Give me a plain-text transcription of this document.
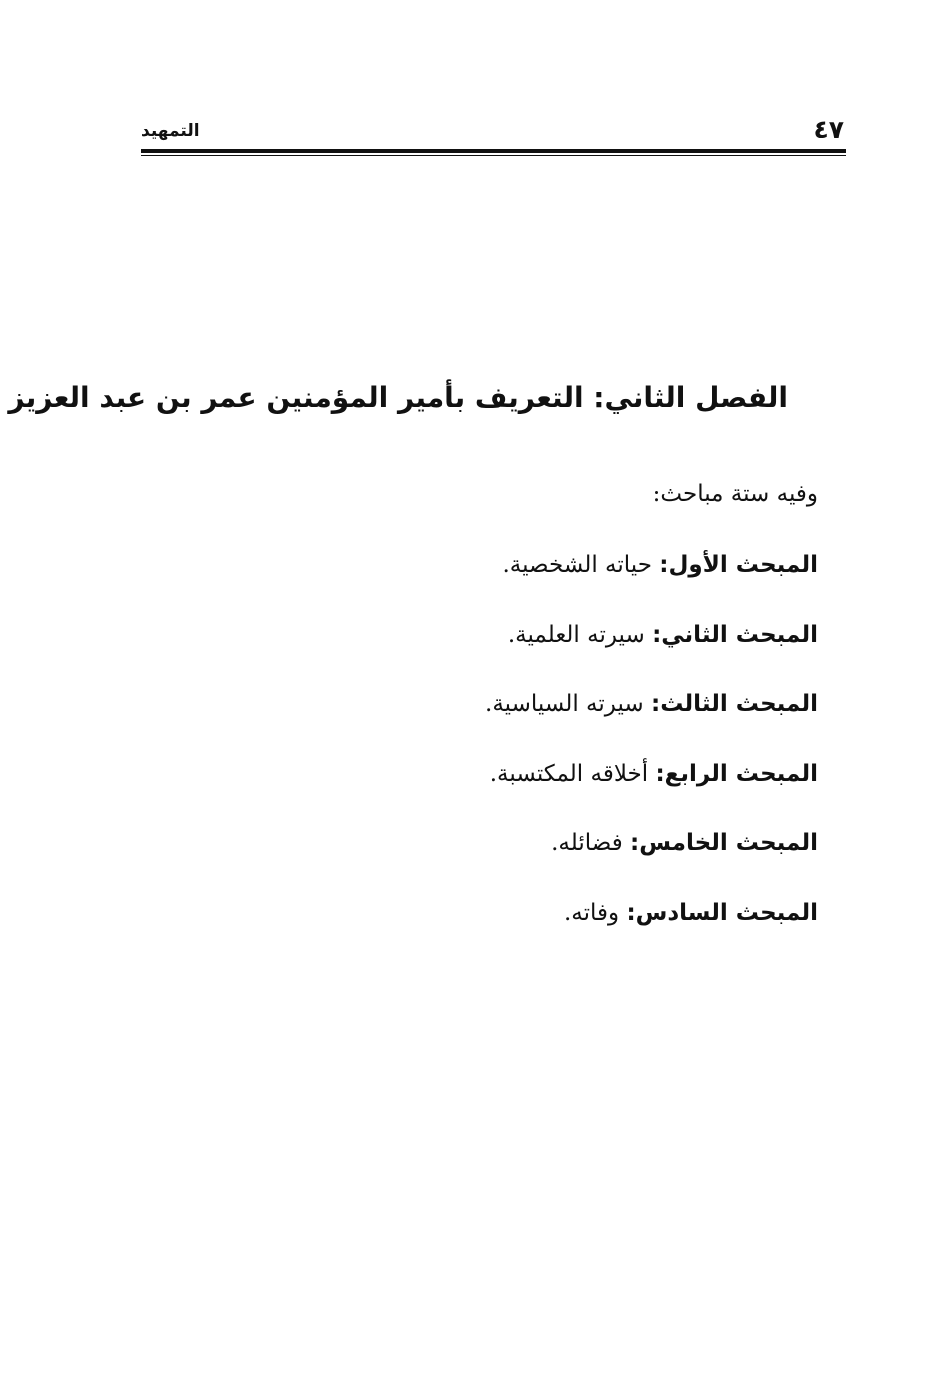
٤٧
التمهيد
الفصل الثاني: التعريف بأمير المؤمنين عمر بن عبد العزيز
وفيه ستة مباحث:
المبحث الأول: حياته الشخصية.
المبحث الثاني: سيرته العلمية.
المبحث الثالث: سيرته السياسية.
المبحث الرابع: أخلاقه المكتسبة.
المبحث الخامس: فضائله.
المبحث السادس: وفاته.
